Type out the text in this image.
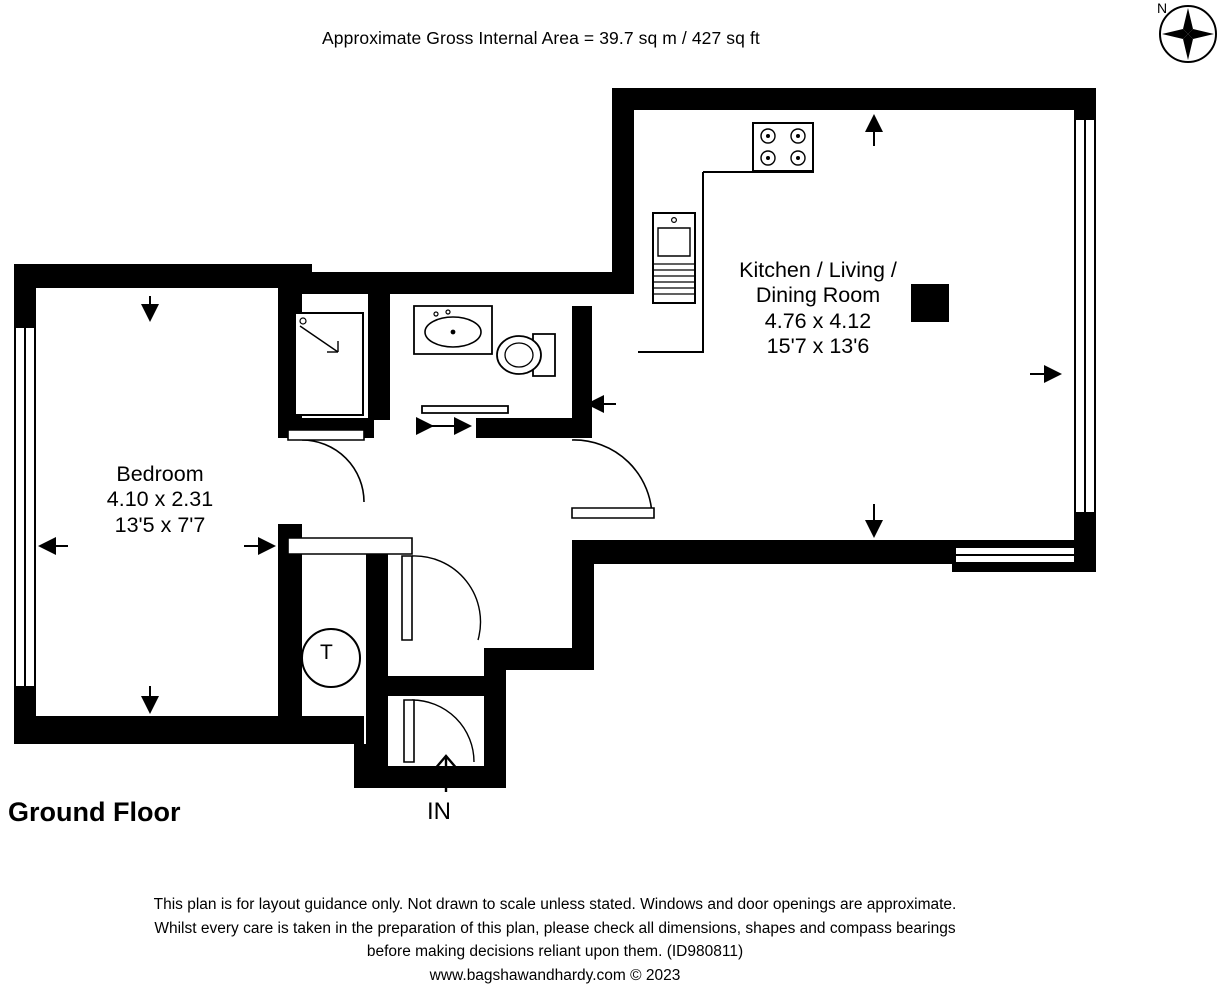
Approximate Gross Internal Area = 39.7 sq m / 427 sq ft
N
T
Kitchen / Living /
Dining Room
4.76 x 4.12
15'7 x 13'6
Bedroom
4.10 x 2.31
13'5 x 7'7
IN
Ground Floor
This plan is for layout guidance only. Not drawn to scale unless stated. Windows and door openings are approximate.
Whilst every care is taken in the preparation of this plan, please check all dimensions, shapes and compass bearings
before making decisions reliant upon them. (ID980811)
www.bagshawandhardy.com © 2023
